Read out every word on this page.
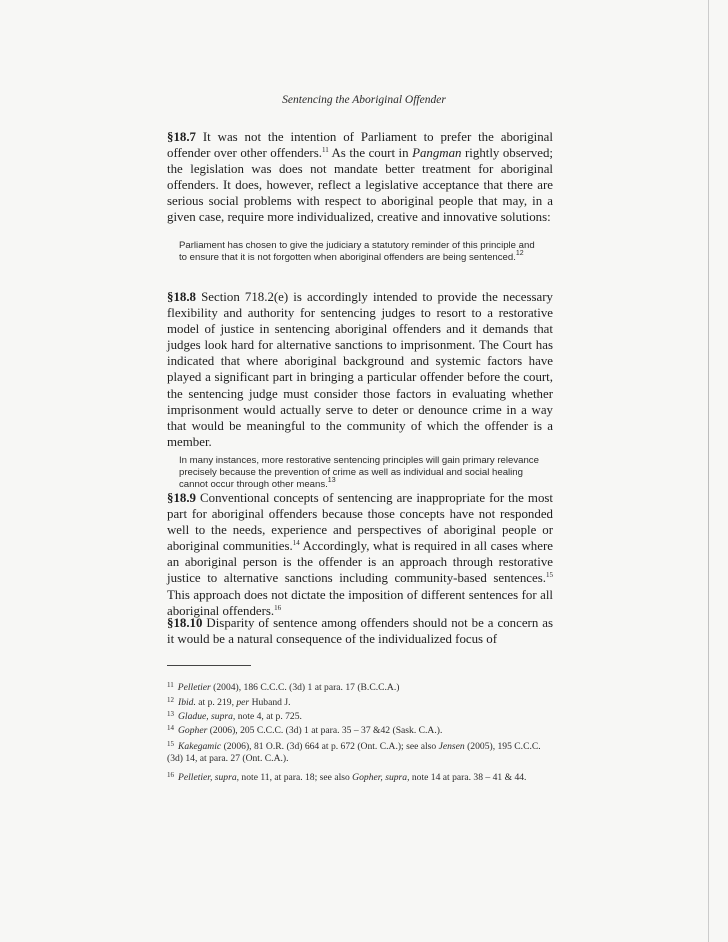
Sentencing the Aboriginal Offender

§18.7 It was not the intention of Parliament to prefer the aboriginal offender over other offenders.$^{11}$ As the court in Pangman rightly observed; the legislation was does not mandate better treatment for aboriginal offenders. It does, however, reflect a legislative acceptance that there are serious social problems with respect to aboriginal people that may, in a given case, require more individualized, creative and innovative solutions:

Parliament has chosen to give the judiciary a statutory reminder of this principle and to ensure that it is not forgotten when aboriginal offenders are being sentenced.$^{12}$

§18.8 Section 718.2(e) is accordingly intended to provide the necessary flexibility and authority for sentencing judges to resort to a restorative model of justice in sentencing aboriginal offenders and it demands that judges look hard for alternative sanctions to imprisonment. The Court has indicated that where aboriginal background and systemic factors have played a significant part in bringing a particular offender before the court, the sentencing judge must consider those factors in evaluating whether imprisonment would actually serve to deter or denounce crime in a way that would be meaningful to the community of which the offender is a member.

In many instances, more restorative sentencing principles will gain primary relevance precisely because the prevention of crime as well as individual and social healing cannot occur through other means.$^{13}$

§18.9 Conventional concepts of sentencing are inappropriate for the most part for aboriginal offenders because those concepts have not responded well to the needs, experience and perspectives of aboriginal people or aboriginal communities.$^{14}$ Accordingly, what is required in all cases where an aboriginal person is the offender is an approach through restorative justice to alternative sanctions including community-based sentences.$^{15}$ This approach does not dictate the imposition of different sentences for all aboriginal offenders.$^{16}$

§18.10 Disparity of sentence among offenders should not be a concern as it would be a natural consequence of the individualized focus of

$^{11}$ Pelletier (2004), 186 C.C.C. (3d) 1 at para. 17 (B.C.C.A.)

$^{12}$ Ibid. at p. 219, per Huband J.

$^{13}$ Gladue, supra, note 4, at p. 725.

$^{14}$ Gopher (2006), 205 C.C.C. (3d) 1 at para. 35 – 37 &42 (Sask. C.A.).

$^{15}$ Kakegamic (2006), 81 O.R. (3d) 664 at p. 672 (Ont. C.A.); see also Jensen (2005), 195 C.C.C. (3d) 14, at para. 27 (Ont. C.A.).

$^{16}$ Pelletier, supra, note 11, at para. 18; see also Gopher, supra, note 14 at para. 38 – 41 & 44.
